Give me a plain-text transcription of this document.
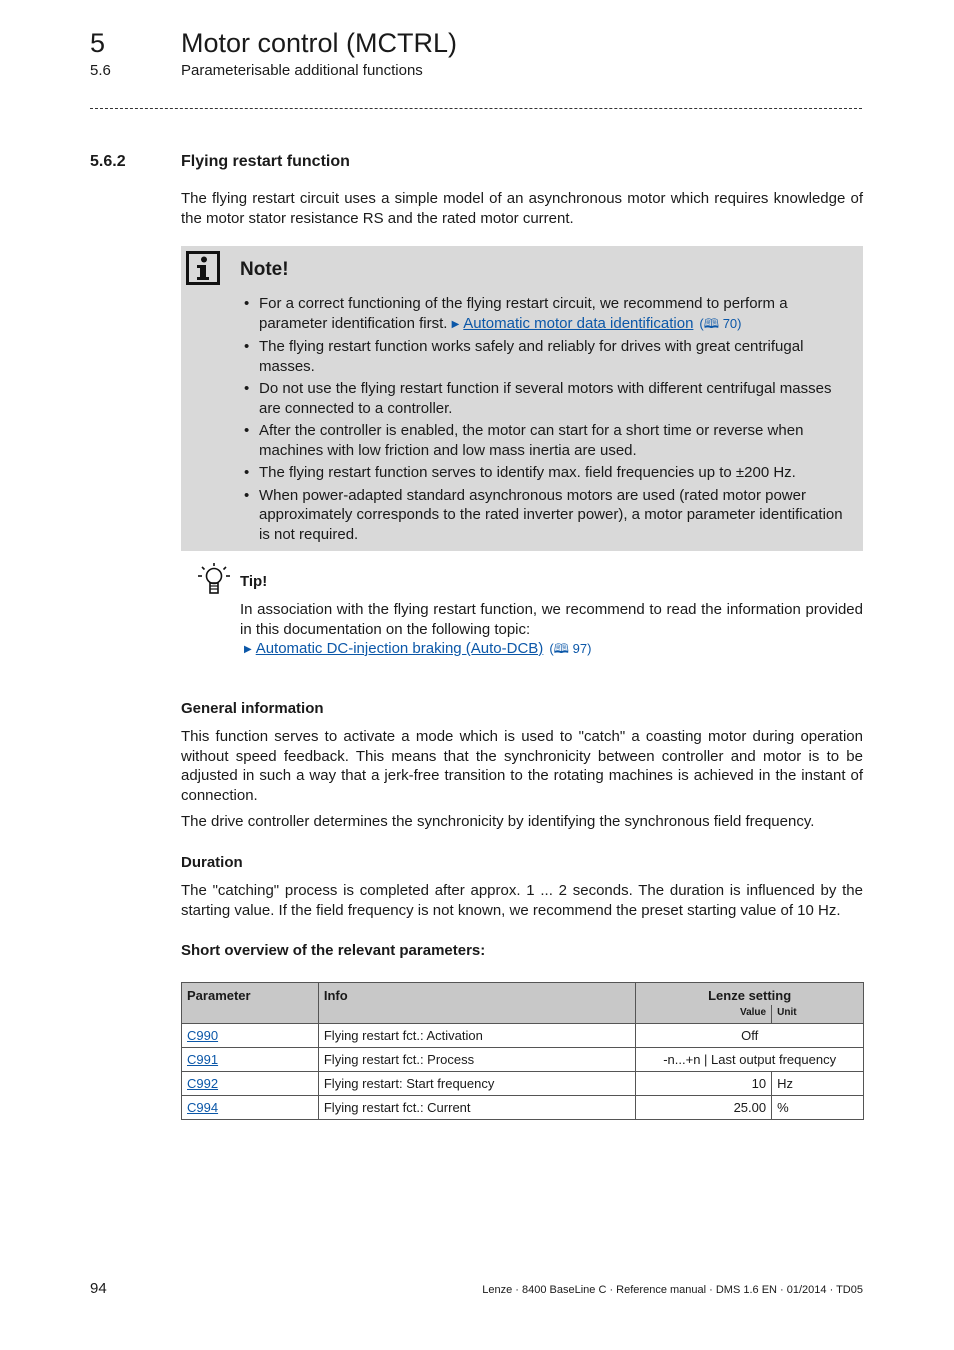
5	Motor control (MCTRL)
5.6	Parameterisable additional functions
5.6.2	Flying restart function
The flying restart circuit uses a simple model of an asynchronous motor which requires knowledge of the motor stator resistance RS and the rated motor current.
Note!
• For a correct functioning of the flying restart circuit, we recommend to perform a parameter identification first. ▶ Automatic motor data identification (🕮 70)
• The flying restart function works safely and reliably for drives with great centrifugal masses.
• Do not use the flying restart function if several motors with different centrifugal masses are connected to a controller.
• After the controller is enabled, the motor can start for a short time or reverse when machines with low friction and low mass inertia are used.
• The flying restart function serves to identify max. field frequencies up to ±200 Hz.
• When power-adapted standard asynchronous motors are used (rated motor power approximately corresponds to the rated inverter power), a motor parameter identification is not required.
Tip!
In association with the flying restart function, we recommend to read the information provided in this documentation on the following topic:
▶ Automatic DC-injection braking (Auto-DCB) (🕮 97)
General information
This function serves to activate a mode which is used to "catch" a coasting motor during operation without speed feedback. This means that the synchronicity between controller and motor is to be adjusted in such a way that a jerk-free transition to the rotating machines is achieved in the instant of connection.
The drive controller determines the synchronicity by identifying the synchronous field frequency.
Duration
The "catching" process is completed after approx. 1 ... 2 seconds. The duration is influenced by the starting value. If the field frequency is not known, we recommend the preset starting value of 10 Hz.
Short overview of the relevant parameters:
Parameter	Info	Lenze setting	
		Value	Unit
C990	Flying restart fct.: Activation	Off	
C991	Flying restart fct.: Process	-n...+n | Last output frequency	
C992	Flying restart: Start frequency	10	Hz
C994	Flying restart fct.: Current	25.00	%
94	Lenze · 8400 BaseLine C · Reference manual · DMS 1.6 EN · 01/2014 · TD05
